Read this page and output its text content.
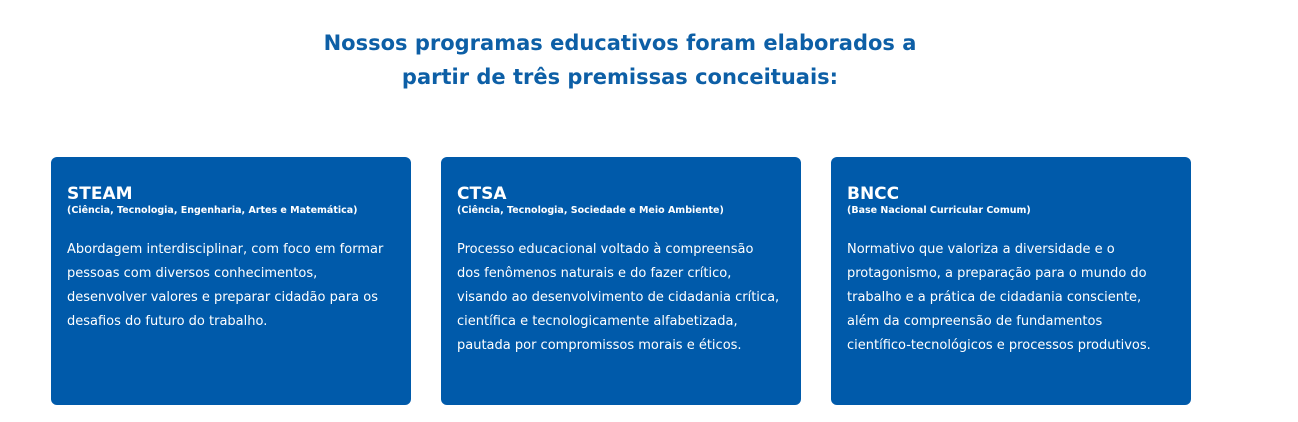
Nossos programas educativos foram elaborados a
partir de três premissas conceituais:

STEAM

(Ciência, Tecnologia, Engenharia, Artes e Matemática)

Abordagem interdisciplinar, com foco em formar
pessoas com diversos conhecimentos,
desenvolver valores e preparar cidadão para os
desafios do futuro do trabalho.

CTSA

(Ciência, Tecnologia, Sociedade e Meio Ambiente)

Processo educacional voltado à compreensão
dos fenômenos naturais e do fazer crítico,
visando ao desenvolvimento de cidadania crítica,
científica e tecnologicamente alfabetizada,
pautada por compromissos morais e éticos.

BNCC

(Base Nacional Curricular Comum)

Normativo que valoriza a diversidade e o
protagonismo, a preparação para o mundo do
trabalho e a prática de cidadania consciente,
além da compreensão de fundamentos
científico-tecnológicos e processos produtivos.
